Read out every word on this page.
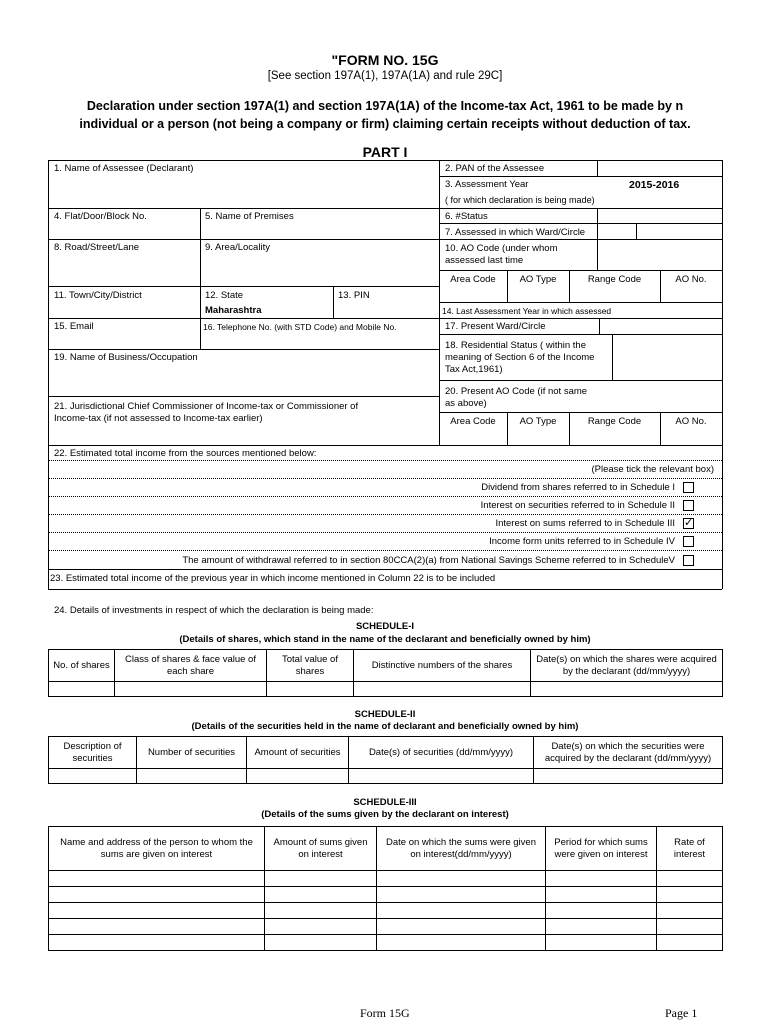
"FORM NO. 15G
[See section 197A(1), 197A(1A) and rule 29C]
Declaration under section 197A(1) and section 197A(1A) of the Income-tax Act, 1961 to be made by n
individual or a person (not being a company or firm) claiming certain receipts without deduction of tax.
PART I
1. Name of Assessee (Declarant)	2. PAN of the Assessee
3. Assessment Year	2015-2016
( for which declaration is being made)
4. Flat/Door/Block No.	5. Name of Premises	6. #Status
7. Assessed in which Ward/Circle
8. Road/Street/Lane	9. Area/Locality	10. AO Code (under whom
assessed last time
Area Code	AO Type	Range Code	AO No.
11. Town/City/District	12. State
Maharashtra
13. PIN
14. Last Assessment Year in which assessed
15. Email	16. Telephone No. (with STD Code) and Mobile No.	17. Present Ward/Circle
18. Residential Status ( within the
meaning of Section 6 of the Income
Tax Act,1961)
19. Name of Business/Occupation
20. Present AO Code (if not same
as above)
Area Code	AO Type	Range Code	AO No.
21. Jurisdictional Chief Commissioner of Income-tax or Commissioner of
Income-tax (if not assessed to Income-tax earlier)
22. Estimated total income from the sources mentioned below:
(Please tick the relevant box)
Dividend from shares referred to in Schedule I
Interest on securities referred to in Schedule II
Interest on sums referred to in Schedule III ✓
Income form units referred to in Schedule IV
The amount of withdrawal referred to in section 80CCA(2)(a) from National Savings Scheme referred to in ScheduleV
23. Estimated total income of the previous year in which income mentioned in Column 22 is to be included
24. Details of investments in respect of which the declaration is being made:
SCHEDULE-I
(Details of shares, which stand in the name of the declarant and beneficially owned by him)
No. of shares	Class of shares & face value of each share	Total value of shares	Distinctive numbers of the shares	Date(s) on which the shares were acquired by the declarant (dd/mm/yyyy)

SCHEDULE-II
(Details of the securities held in the name of declarant and beneficially owned by him)
Description of securities	Number of securities	Amount of securities	Date(s) of securities (dd/mm/yyyy)	Date(s) on which the securities were acquired by the declarant (dd/mm/yyyy)

SCHEDULE-III
(Details of the sums given by the declarant on interest)
Name and address of the person to whom the sums are given on interest	Amount of sums given on interest	Date on which the sums were given on interest(dd/mm/yyyy)	Period for which sums were given on interest	Rate of interest

Form 15G	Page 1
